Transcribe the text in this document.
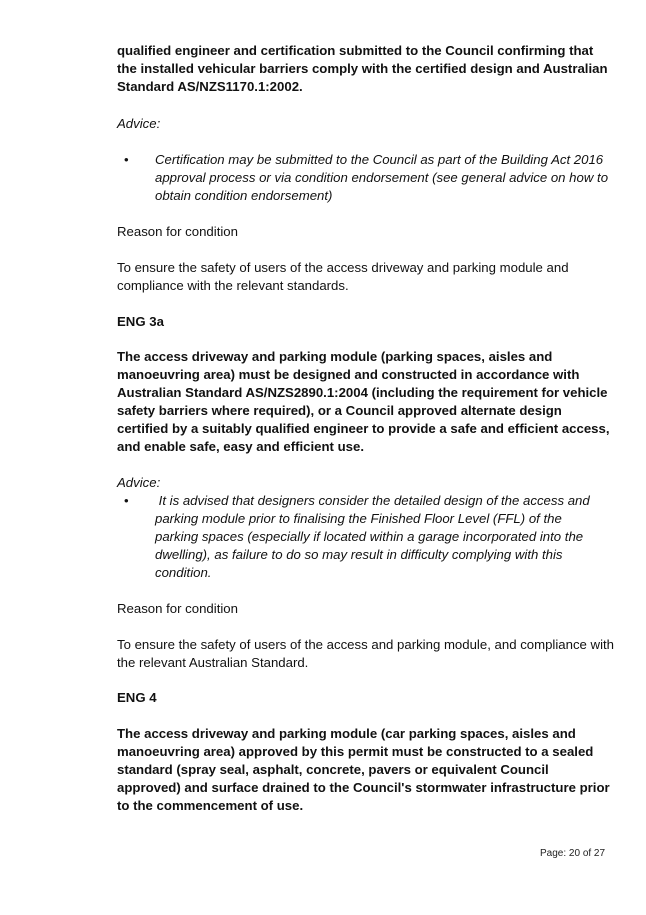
qualified engineer and certification submitted to the Council confirming that

the installed vehicular barriers comply with the certified design and Australian

Standard AS/NZS1170.1:2002.

Advice:

• Certification may be submitted to the Council as part of the Building Act 2016

approval process or via condition endorsement (see general advice on how to

obtain condition endorsement)

Reason for condition

To ensure the safety of users of the access driveway and parking module and

compliance with the relevant standards.

ENG 3a

The access driveway and parking module (parking spaces, aisles and

manoeuvring area) must be designed and constructed in accordance with

Australian Standard AS/NZS2890.1:2004 (including the requirement for vehicle

safety barriers where required), or a Council approved alternate design

certified by a suitably qualified engineer to provide a safe and efficient access,

and enable safe, easy and efficient use.

Advice:

• It is advised that designers consider the detailed design of the access and

parking module prior to finalising the Finished Floor Level (FFL) of the

parking spaces (especially if located within a garage incorporated into the

dwelling), as failure to do so may result in difficulty complying with this

condition.

Reason for condition

To ensure the safety of users of the access and parking module, and compliance with

the relevant Australian Standard.

ENG 4

The access driveway and parking module (car parking spaces, aisles and

manoeuvring area) approved by this permit must be constructed to a sealed

standard (spray seal, asphalt, concrete, pavers or equivalent Council

approved) and surface drained to the Council's stormwater infrastructure prior

to the commencement of use.

Page: 20 of 27
